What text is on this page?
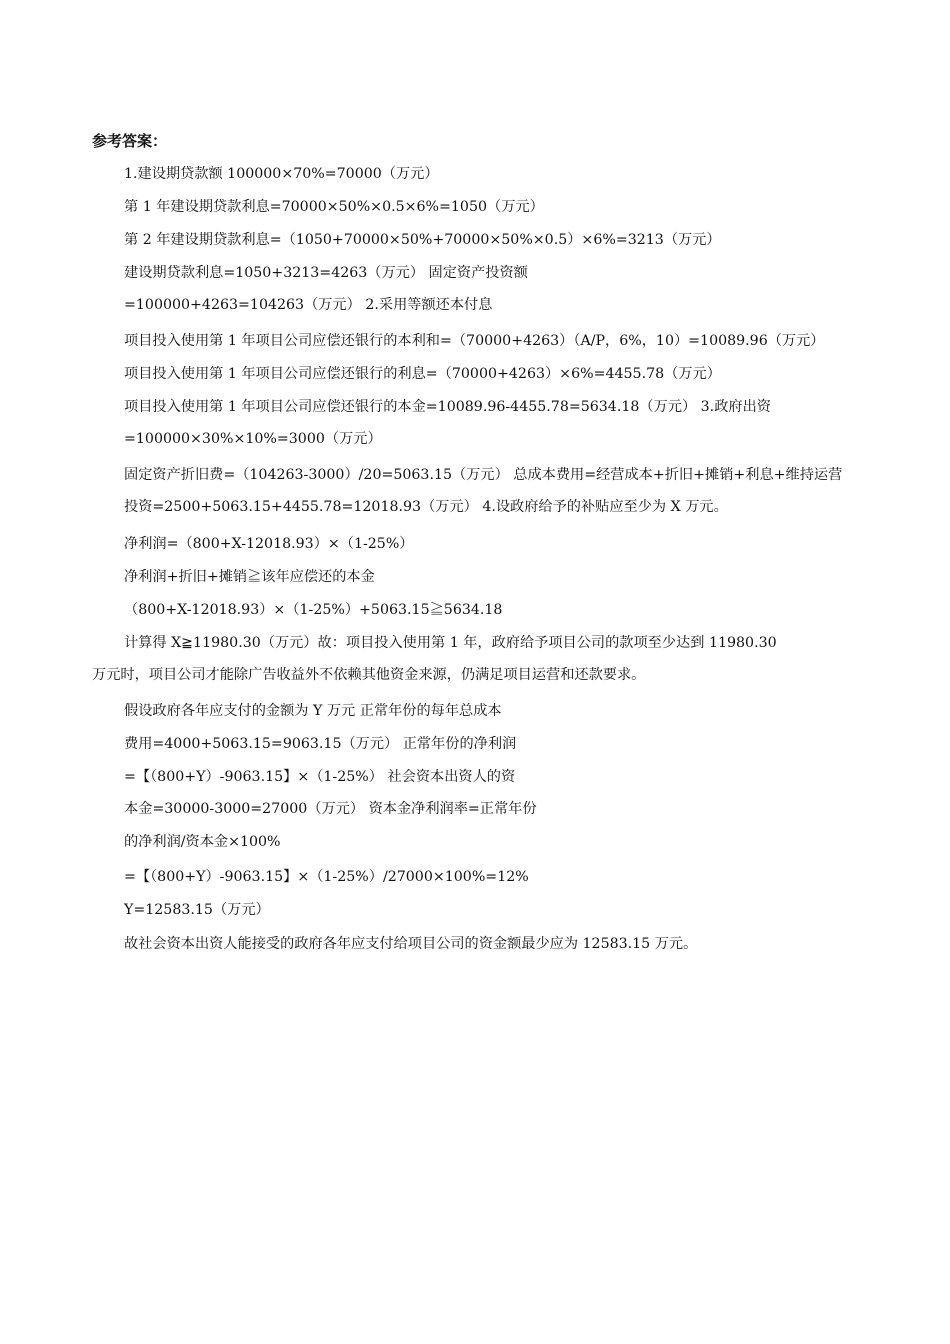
参考答案：
1.建设期贷款额 100000×70%=70000（万元）
第 1 年建设期贷款利息=70000×50%×0.5×6%=1050（万元）
第 2 年建设期贷款利息=（1050+70000×50%+70000×50%×0.5）×6%=3213（万元）
建设期贷款利息=1050+3213=4263（万元） 固定资产投资额
=100000+4263=104263（万元） 2.采用等额还本付息
项目投入使用第 1 年项目公司应偿还银行的本利和=（70000+4263）（A/P，6%，10）=10089.96（万元）
项目投入使用第 1 年项目公司应偿还银行的利息=（70000+4263）×6%=4455.78（万元）
项目投入使用第 1 年项目公司应偿还银行的本金=10089.96-4455.78=5634.18（万元） 3.政府出资
=100000×30%×10%=3000（万元）
固定资产折旧费=（104263-3000）/20=5063.15（万元） 总成本费用=经营成本+折旧+摊销+利息+维持运营
投资=2500+5063.15+4455.78=12018.93（万元） 4.设政府给予的补贴应至少为 X 万元。
净利润=（800+X-12018.93）×（1-25%）
净利润+折旧+摊销≧该年应偿还的本金
（800+X-12018.93）×（1-25%）+5063.15≧5634.18
计算得 X≧11980.30（万元）故：项目投入使用第 1 年，政府给予项目公司的款项至少达到 11980.30
万元时，项目公司才能除广告收益外不依赖其他资金来源，仍满足项目运营和还款要求。
假设政府各年应支付的金额为 Y 万元 正常年份的每年总成本
费用=4000+5063.15=9063.15（万元） 正常年份的净利润
=【（800+Y）-9063.15】×（1-25%） 社会资本出资人的资
本金=30000-3000=27000（万元） 资本金净利润率=正常年份
的净利润/资本金×100%
=【（800+Y）-9063.15】×（1-25%）/27000×100%=12%
Y=12583.15（万元）
故社会资本出资人能接受的政府各年应支付给项目公司的资金额最少应为 12583.15 万元。
